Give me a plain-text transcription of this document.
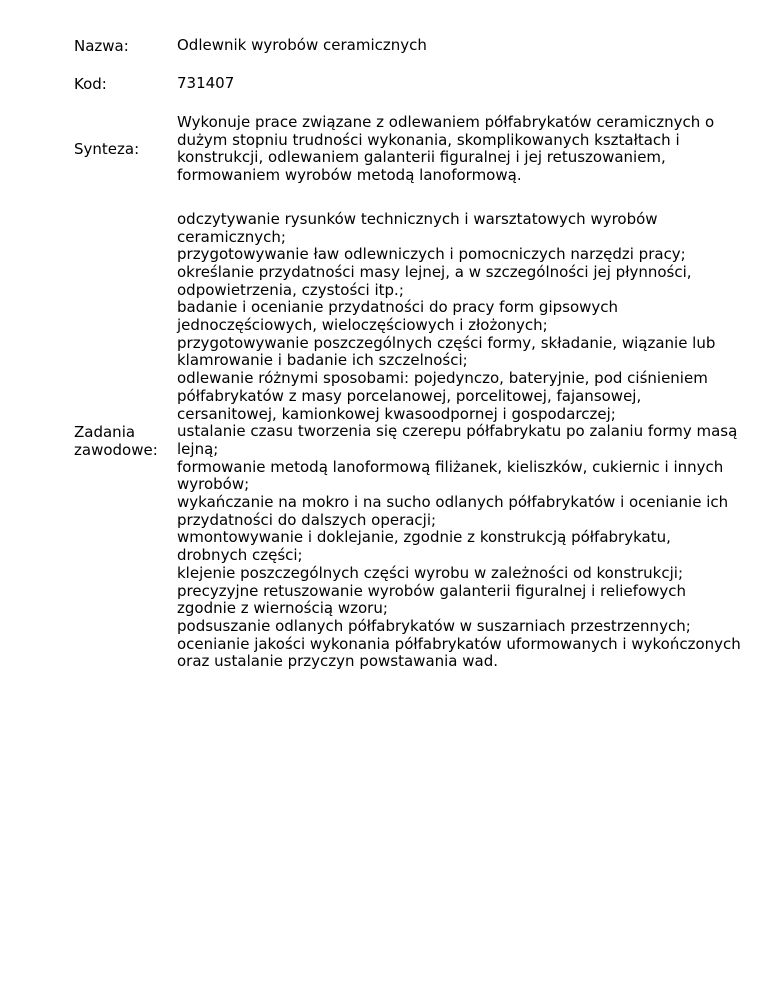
Nazwa:	Odlewnik wyrobów ceramicznych
Kod:	731407
Synteza:
Wykonuje prace związane z odlewaniem półfabrykatów ceramicznych o dużym stopniu trudności wykonania, skomplikowanych kształtach i konstrukcji, odlewaniem galanterii figuralnej i jej retuszowaniem, formowaniem wyrobów metodą lanoformową.
Zadania
zawodowe:
odczytywanie rysunków technicznych i warsztatowych wyrobów ceramicznych;
przygotowywanie ław odlewniczych i pomocniczych narzędzi pracy;
określanie przydatności masy lejnej, a w szczególności jej płynności, odpowietrzenia, czystości itp.;
badanie i ocenianie przydatności do pracy form gipsowych jednoczęściowych, wieloczęściowych i złożonych;
przygotowywanie poszczególnych części formy, składanie, wiązanie lub klamrowanie i badanie ich szczelności;
odlewanie różnymi sposobami: pojedynczo, bateryjnie, pod ciśnieniem półfabrykatów z masy porcelanowej, porcelitowej, fajansowej, cersanitowej, kamionkowej kwasoodpornej i gospodarczej;
ustalanie czasu tworzenia się czerepu półfabrykatu po zalaniu formy masą lejną;
formowanie metodą lanoformową filiżanek, kieliszków, cukiernic i innych wyrobów;
wykańczanie na mokro i na sucho odlanych półfabrykatów i ocenianie ich przydatności do dalszych operacji;
wmontowywanie i doklejanie, zgodnie z konstrukcją półfabrykatu, drobnych części;
klejenie poszczególnych części wyrobu w zależności od konstrukcji;
precyzyjne retuszowanie wyrobów galanterii figuralnej i reliefowych zgodnie z wiernością wzoru;
podsuszanie odlanych półfabrykatów w suszarniach przestrzennych;
ocenianie jakości wykonania półfabrykatów uformowanych i wykończonych oraz ustalanie przyczyn powstawania wad.
